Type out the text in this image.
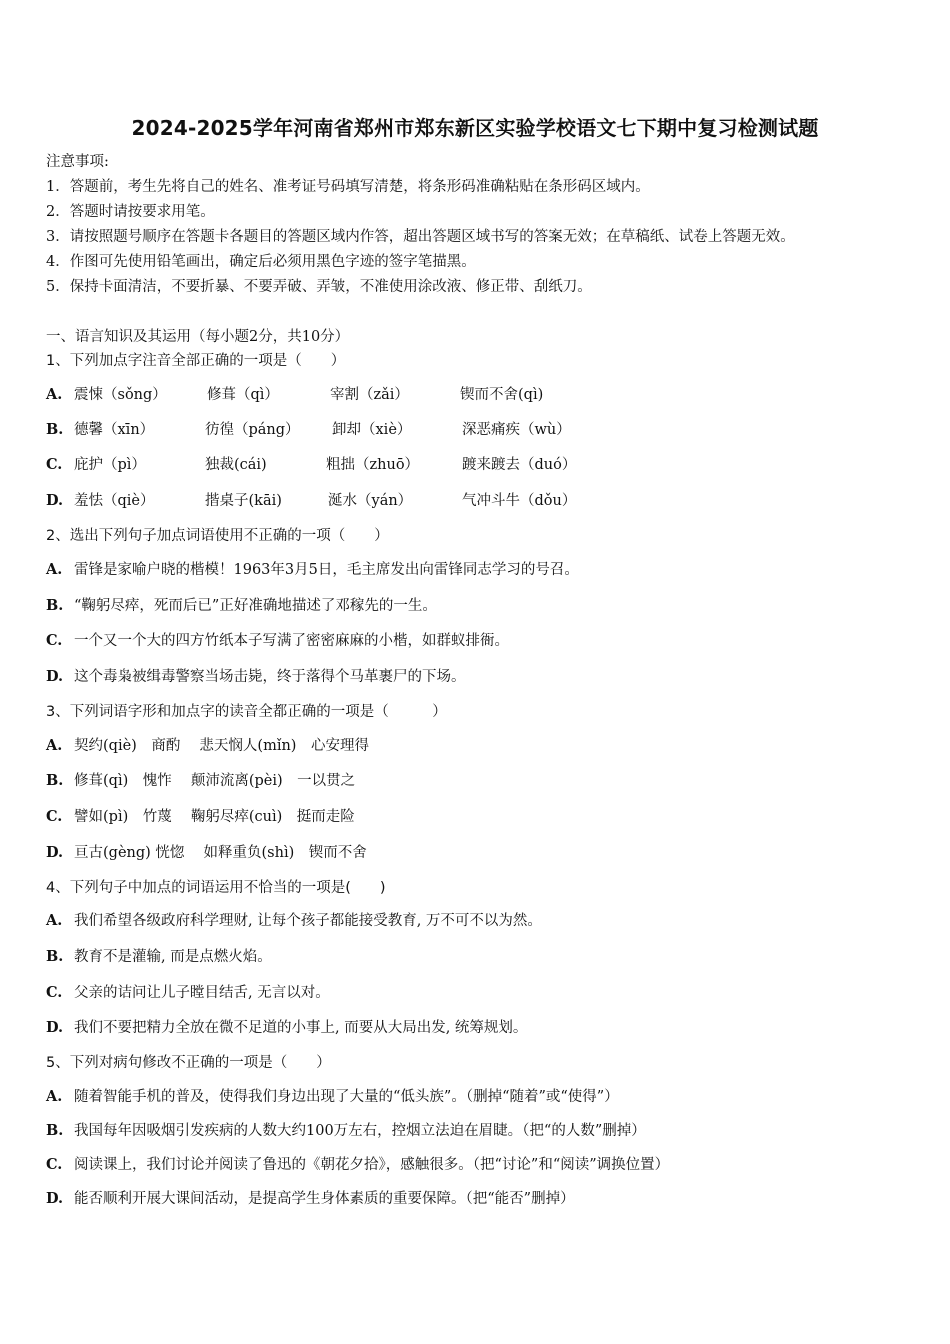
2024-2025学年河南省郑州市郑东新区实验学校语文七下期中复习检测试题
注意事项:
1．答题前，考生先将自己的姓名、准考证号码填写清楚，将条形码准确粘贴在条形码区域内。
2．答题时请按要求用笔。
3．请按照题号顺序在答题卡各题目的答题区域内作答，超出答题区域书写的答案无效；在草稿纸、试卷上答题无效。
4．作图可先使用铅笔画出，确定后必须用黑色字迹的签字笔描黑。
5．保持卡面清洁，不要折暴、不要弄破、弄皱，不准使用涂改液、修正带、刮纸刀。
一、语言知识及其运用（每小题2分，共10分）
1、下列加点字注音全部正确的一项是（　　）
A. 震悚（sǒng）	修葺（qì）	宰割（zǎi）	锲而不舍(qì)
B. 德馨（xīn）	彷徨（páng） 卸却（xiè）	深恶痛疾（wù）
C. 庇护（pì）	独裁(cái)	粗拙（zhuō）	踱来踱去（duó）
D. 羞怯（qiè）	揩桌子(kāi)	涎水（yán）	气冲斗牛（dǒu）
2、选出下列句子加点词语使用不正确的一项（　　）
A. 雷锋是家喻户晓的楷模！1963年3月5日，毛主席发出向雷锋同志学习的号召。
B. “鞠躬尽瘁，死而后已”正好准确地描述了邓稼先的一生。
C. 一个又一个大的四方竹纸本子写满了密密麻麻的小楷，如群蚁排衙。
D. 这个毒枭被缉毒警察当场击毙，终于落得个马革裹尸的下场。
3、下列词语字形和加点字的读音全都正确的一项是（　　　）
A. 契约(qiè)　商酌　 悲天悯人(mǐn)　心安理得
B. 修葺(qì)　愧怍　 颠沛流离(pèi)　一以贯之
C. 譬如(pì)　竹蔑　 鞠躬尽瘁(cuì)　挺而走险
D. 亘古(gèng) 恍惚　 如释重负(shì)　锲而不舍
4、下列句子中加点的词语运用不恰当的一项是(　　)
A. 我们希望各级政府科学理财, 让每个孩子都能接受教育, 万不可不以为然。
B. 教育不是灌输, 而是点燃火焰。
C. 父亲的诘问让儿子瞠目结舌, 无言以对。
D. 我们不要把精力全放在微不足道的小事上, 而要从大局出发, 统筹规划。
5、下列对病句修改不正确的一项是（　　）
A. 随着智能手机的普及，使得我们身边出现了大量的“低头族”。（删掉“随着”或“使得”）
B. 我国每年因吸烟引发疾病的人数大约100万左右，控烟立法迫在眉睫。（把“的人数”删掉）
C. 阅读课上，我们讨论并阅读了鲁迅的《朝花夕拾》，感触很多。（把“讨论”和“阅读”调换位置）
D. 能否顺利开展大课间活动，是提高学生身体素质的重要保障。（把“能否”删掉）
